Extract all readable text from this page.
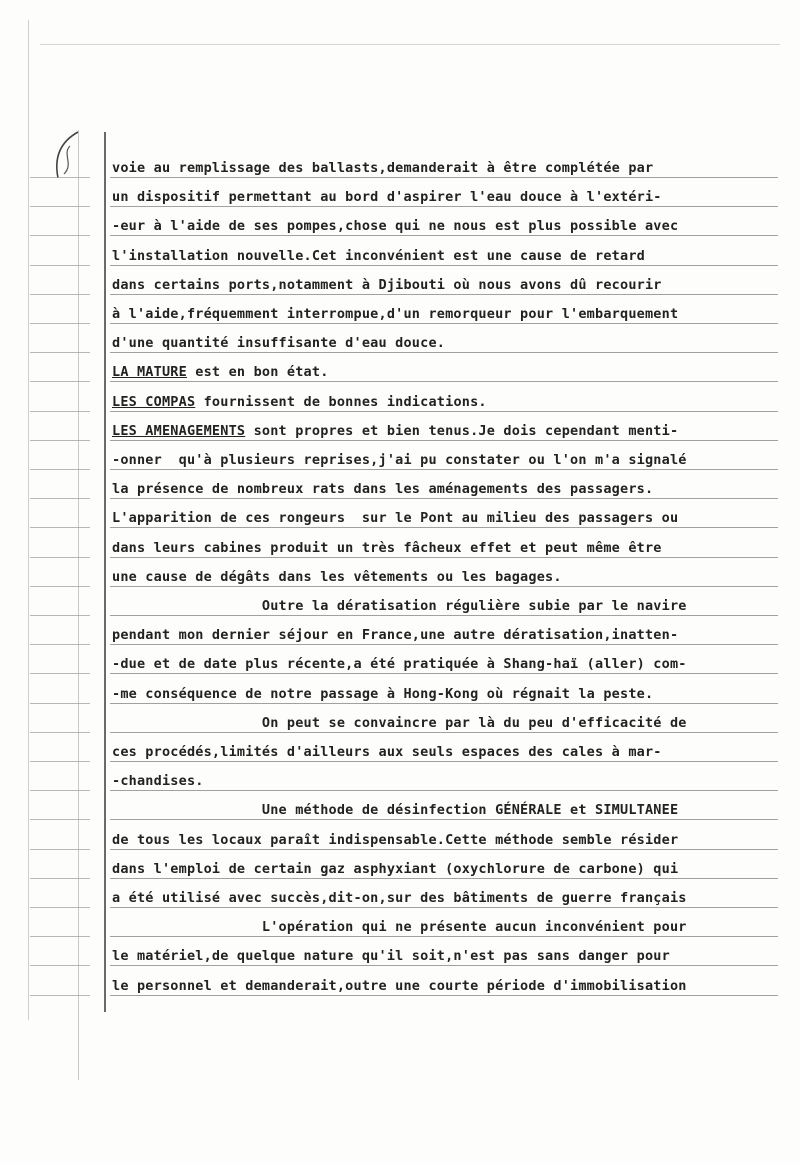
voie au remplissage des ballasts,demanderait à être complétée par
un dispositif permettant au bord d'aspirer l'eau douce à l'extéri-
-eur à l'aide de ses pompes,chose qui ne nous est plus possible avec
l'installation nouvelle.Cet inconvénient est une cause de retard
dans certains ports,notamment à Djibouti où nous avons dû recourir
à l'aide,fréquemment interrompue,d'un remorqueur pour l'embarquement
d'une quantité insuffisante d'eau douce.
LA MATURE est en bon état.
LES COMPAS fournissent de bonnes indications.
LES AMENAGEMENTS sont propres et bien tenus.Je dois cependant menti-
-onner  qu'à plusieurs reprises,j'ai pu constater ou l'on m'a signalé
la présence de nombreux rats dans les aménagements des passagers.
L'apparition de ces rongeurs  sur le Pont au milieu des passagers ou
dans leurs cabines produit un très fâcheux effet et peut même être
une cause de dégâts dans les vêtements ou les bagages.
Outre la dératisation régulière subie par le navire
pendant mon dernier séjour en France,une autre dératisation,inatten-
-due et de date plus récente,a été pratiquée à Shang-haï (aller) com-
-me conséquence de notre passage à Hong-Kong où régnait la peste.
On peut se convaincre par là du peu d'efficacité de
ces procédés,limités d'ailleurs aux seuls espaces des cales à mar-
-chandises.
Une méthode de désinfection GÉNÉRALE et SIMULTANEE
de tous les locaux paraît indispensable.Cette méthode semble résider
dans l'emploi de certain gaz asphyxiant (oxychlorure de carbone) qui
a été utilisé avec succès,dit-on,sur des bâtiments de guerre français
L'opération qui ne présente aucun inconvénient pour
le matériel,de quelque nature qu'il soit,n'est pas sans danger pour
le personnel et demanderait,outre une courte période d'immobilisation
